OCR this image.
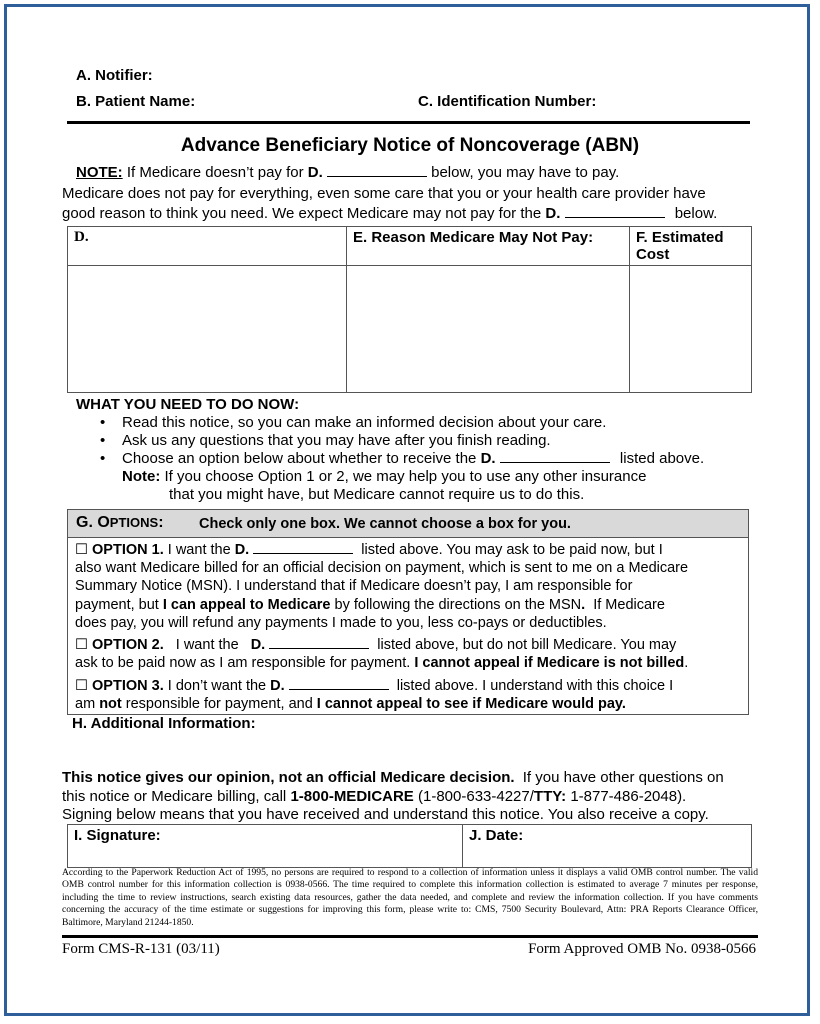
A. Notifier:
B. Patient Name:	C. Identification Number:
Advance Beneficiary Notice of Noncoverage (ABN)
NOTE: If Medicare doesn’t pay for D.	below, you may have to pay.
Medicare does not pay for everything, even some care that you or your health care provider have
good reason to think you need. We expect Medicare may not pay for the D.	below.
D.	E. Reason Medicare May Not Pay:	F. Estimated
Cost

WHAT YOU NEED TO DO NOW:
• Read this notice, so you can make an informed decision about your care.
• Ask us any questions that you may have after you finish reading.
• Choose an option below about whether to receive the D.	listed above.
Note: If you choose Option 1 or 2, we may help you to use any other insurance
that you might have, but Medicare cannot require us to do this.
G. OPTIONS: Check only one box. We cannot choose a box for you.
☐ OPTION 1. I want the D.	listed above. You may ask to be paid now, but I
also want Medicare billed for an official decision on payment, which is sent to me on a Medicare
Summary Notice (MSN). I understand that if Medicare doesn’t pay, I am responsible for
payment, but I can appeal to Medicare by following the directions on the MSN. If Medicare
does pay, you will refund any payments I made to you, less co-pays or deductibles.
☐ OPTION 2. I want the D.	listed above, but do not bill Medicare. You may
ask to be paid now as I am responsible for payment. I cannot appeal if Medicare is not billed.
☐ OPTION 3. I don’t want the D.	listed above. I understand with this choice I
am not responsible for payment, and I cannot appeal to see if Medicare would pay.
H. Additional Information:
This notice gives our opinion, not an official Medicare decision. If you have other questions on
this notice or Medicare billing, call 1-800-MEDICARE (1-800-633-4227/TTY: 1-877-486-2048).
Signing below means that you have received and understand this notice. You also receive a copy.
I. Signature:	J. Date:
According to the Paperwork Reduction Act of 1995, no persons are required to respond to a collection of information unless it displays a valid OMB control number. The valid OMB control number for this information collection is 0938-0566. The time required to complete this information collection is estimated to average 7 minutes per response, including the time to review instructions, search existing data resources, gather the data needed, and complete and review the information collection. If you have comments concerning the accuracy of the time estimate or suggestions for improving this form, please write to: CMS, 7500 Security Boulevard, Attn: PRA Reports Clearance Officer, Baltimore, Maryland 21244-1850.
Form CMS-R-131 (03/11)	Form Approved OMB No. 0938-0566
